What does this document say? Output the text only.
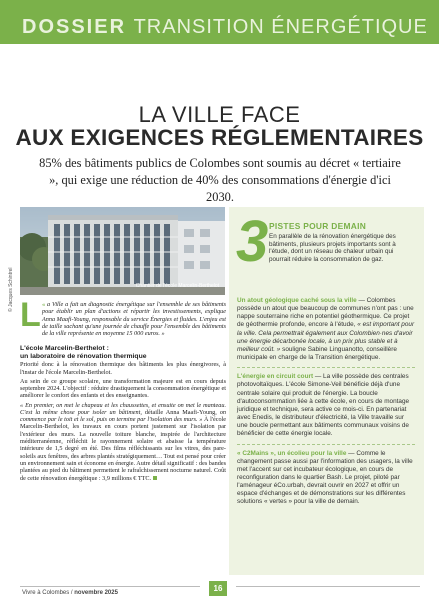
DOSSIER TRANSITION ÉNERGÉTIQUE
LA VILLE FACE
AUX EXIGENCES RÉGLEMENTAIRES
85% des bâtiments publics de Colombes sont soumis au décret « tertiaire », qui exige une réduction de 40% des consommations d'énergie d'ici 2030.
© Jacques Schintrel	Chantier de l'école Marcelin-Berthelot
L « a Ville a fait un diagnostic énergétique sur l'ensemble de ses bâtiments pour établir un plan d'actions et répartir les investissements, explique Anna Maafi-Young, responsable du service Énergies et fluides. L'enjeu est de taille sachant qu'une journée de chauffe pour l'ensemble des bâtiments de la ville représente en moyenne 15 000 euros. »
L'école Marcelin-Berthelot :
un laboratoire de rénovation thermique

Priorité donc à la rénovation thermique des bâtiments les plus énergivores, à l'instar de l'école Marcelin-Berthelot.

Au sein de ce groupe scolaire, une transformation majeure est en cours depuis septembre 2024. L'objectif : réduire drastiquement la consommation énergétique et améliorer le confort des enfants et des enseignantes.

« En premier, on met le chapeau et les chaussettes, et ensuite on met le manteau. C'est la même chose pour isoler un bâtiment, détaille Anna Maafi-Young, on commence par le toit et le sol, puis on termine par l'isolation des murs. » À l'école Marcelin-Berthelot, les travaux en cours portent justement sur l'isolation par l'extérieur des murs. La nouvelle toiture blanche, inspirée de l'architecture méditerranéenne, réfléchit le rayonnement solaire et abaisse la température intérieure de 1,5 degré en été. Des films réfléchissants sur les vitres, des pare-soleils aux fenêtres, des arbres plantés stratégiquement… Tout est pensé pour créer un environnement sain et économe en énergie. Autre détail significatif : des bandes plantées au pied du bâtiment permettent le rafraîchissement nocturne naturel. Coût de cette rénovation énergétique : 3,9 millions € TTC.

3 PISTES POUR DEMAIN
En parallèle de la rénovation énergétique des bâtiments, plusieurs projets importants sont à l'étude, dont un réseau de chaleur urbain qui pourrait réduire la consommation de gaz.

Un atout géologique caché sous la ville — Colombes possède un atout que beaucoup de communes n'ont pas : une nappe souterraine riche en potentiel géothermique. Ce projet de géothermie profonde, encore à l'étude, « est important pour la ville. Cela permettrait également aux Colombien·nes d'avoir une énergie décarbonée locale, à un prix plus stable et à meilleur coût. » souligne Sabine Linguanotto, conseillère municipale en charge de la Transition énergétique.

L'énergie en circuit court — La ville possède des centrales photovoltaïques. L'école Simone-Veil bénéficie déjà d'une centrale solaire qui produit de l'énergie. La boucle d'autoconsommation liée à cette école, en cours de montage juridique et technique, sera active ce mois-ci. En partenariat avec Enedis, le distributeur d'électricité, la Ville travaille sur une boucle permettant aux bâtiments communaux voisins de bénéficier de cette énergie locale.

« C2Mains », un écolieu pour la ville — Comme le changement passe aussi par l'information des usagers, la ville met l'accent sur cet incubateur écologique, en cours de reconfiguration dans le quartier Bash. Le projet, piloté par l'aménageur éCo.urbah, devrait ouvrir en 2027 et offrir un espace d'échanges et de démonstrations sur les différentes solutions « vertes » pour la ville de demain.

Vivre à Colombes / novembre 2025	16
